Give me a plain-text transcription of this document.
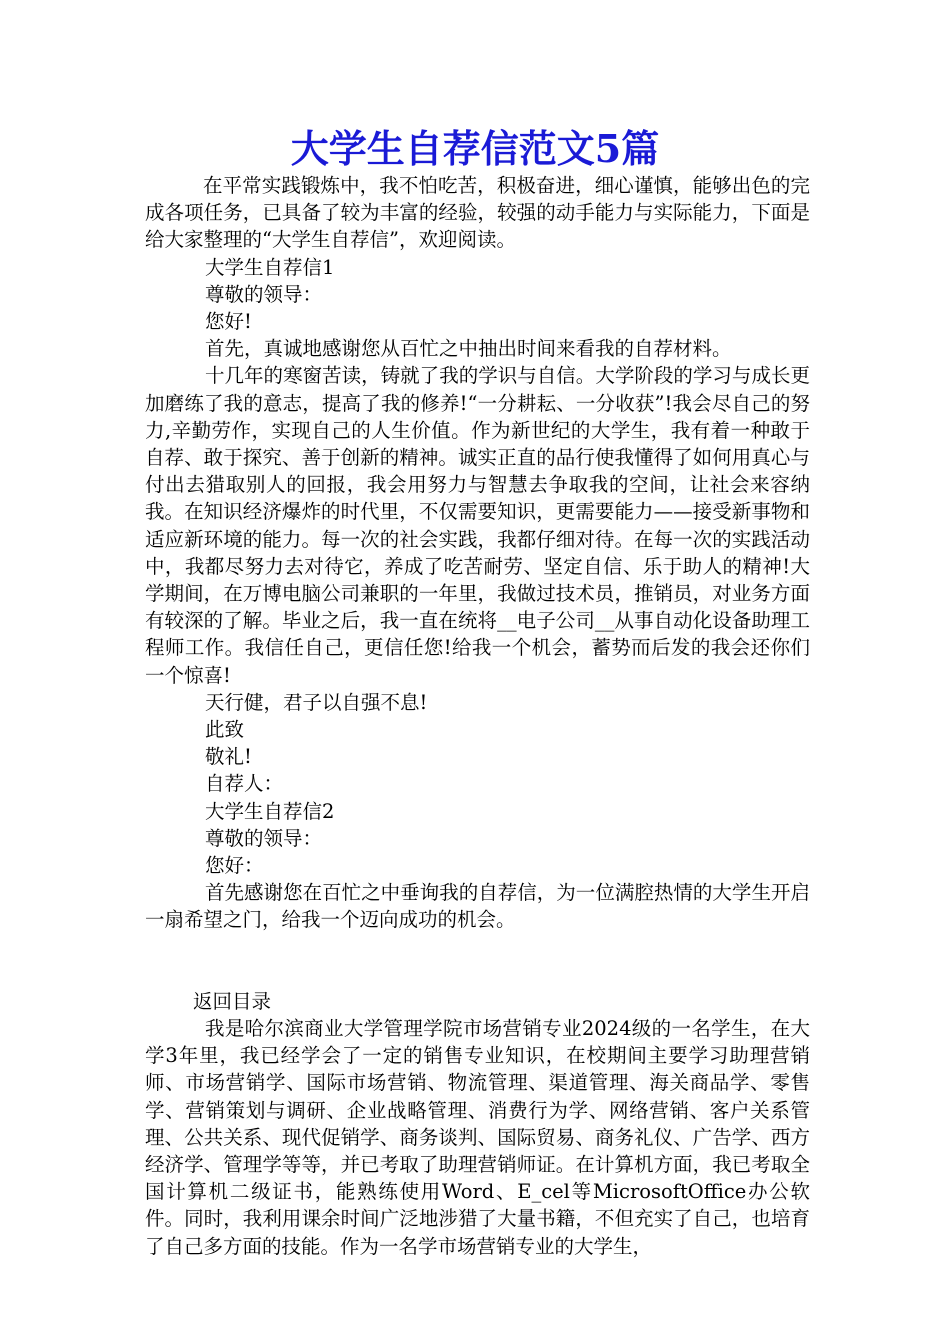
大学生自荐信范文5篇

在平常实践锻炼中，我不怕吃苦，积极奋进，细心谨慎，能够出色的完成各项任务，已具备了较为丰富的经验，较强的动手能力与实际能力，下面是给大家整理的“大学生自荐信”，欢迎阅读。

大学生自荐信1

尊敬的领导：

您好!

首先，真诚地感谢您从百忙之中抽出时间来看我的自荐材料。

十几年的寒窗苦读，铸就了我的学识与自信。大学阶段的学习与成长更加磨练了我的意志，提高了我的修养!“一分耕耘、一分收获”!我会尽自己的努力,辛勤劳作，实现自己的人生价值。作为新世纪的大学生，我有着一种敢于自荐、敢于探究、善于创新的精神。诚实正直的品行使我懂得了如何用真心与付出去猎取别人的回报，我会用努力与智慧去争取我的空间，让社会来容纳我。在知识经济爆炸的时代里，不仅需要知识，更需要能力——接受新事物和适应新环境的能力。每一次的社会实践，我都仔细对待。在每一次的实践活动中，我都尽努力去对待它，养成了吃苦耐劳、坚定自信、乐于助人的精神!大学期间，在万博电脑公司兼职的一年里，我做过技术员，推销员，对业务方面有较深的了解。毕业之后，我一直在统将__电子公司__从事自动化设备助理工程师工作。我信任自己，更信任您!给我一个机会，蓄势而后发的我会还你们一个惊喜!

天行健，君子以自强不息!

此致

敬礼!

自荐人：

大学生自荐信2

尊敬的领导：

您好：

首先感谢您在百忙之中垂询我的自荐信，为一位满腔热情的大学生开启一扇希望之门，给我一个迈向成功的机会。

返回目录

我是哈尔滨商业大学管理学院市场营销专业2024级的一名学生，在大学3年里，我已经学会了一定的销售专业知识，在校期间主要学习助理营销师、市场营销学、国际市场营销、物流管理、渠道管理、海关商品学、零售学、营销策划与调研、企业战略管理、消费行为学、网络营销、客户关系管理、公共关系、现代促销学、商务谈判、国际贸易、商务礼仪、广告学、西方经济学、管理学等等，并已考取了助理营销师证。在计算机方面，我已考取全国计算机二级证书，能熟练使用Word、E_cel等MicrosoftOffice办公软件。同时，我利用课余时间广泛地涉猎了大量书籍，不但充实了自己，也培育了自己多方面的技能。作为一名学市场营销专业的大学生，
